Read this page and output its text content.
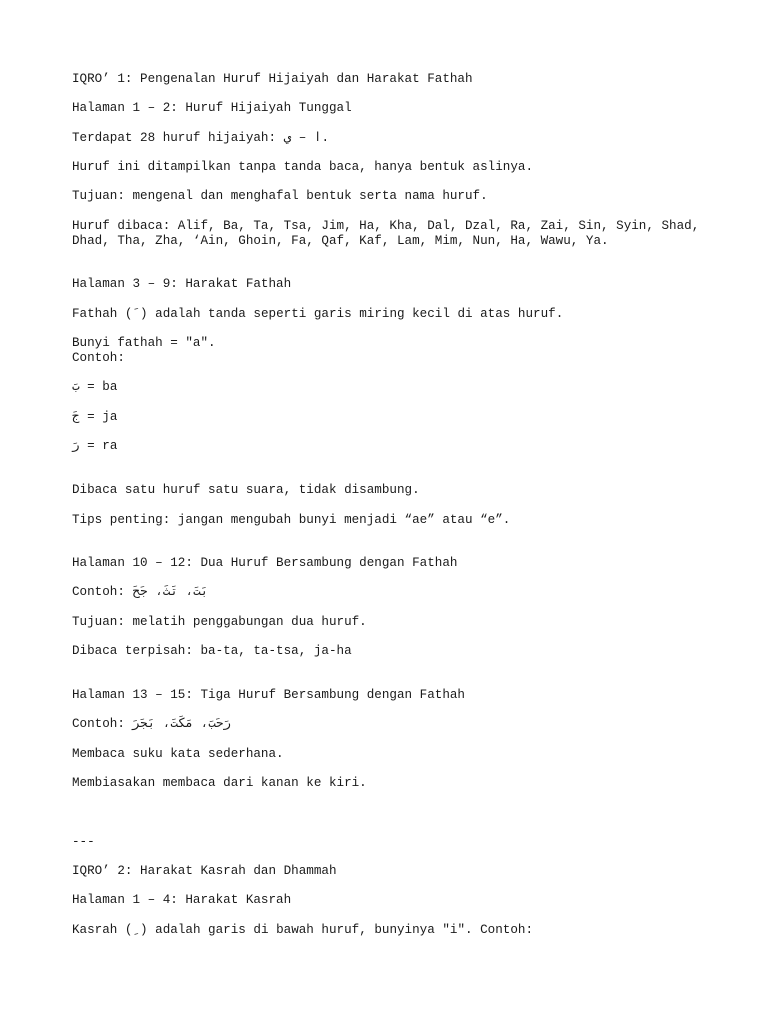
IQRO’ 1: Pengenalan Huruf Hijaiyah dan Harakat Fathah

Halaman 1 – 2: Huruf Hijaiyah Tunggal

Terdapat 28 huruf hijaiyah: ا – ي.

Huruf ini ditampilkan tanpa tanda baca, hanya bentuk aslinya.

Tujuan: mengenal dan menghafal bentuk serta nama huruf.

Huruf dibaca: Alif, Ba, Ta, Tsa, Jim, Ha, Kha, Dal, Dzal, Ra, Zai, Sin, Syin, Shad, Dhad, Tha, Zha, ‘Ain, Ghoin, Fa, Qaf, Kaf, Lam, Mim, Nun, Ha, Wawu, Ya.

Halaman 3 – 9: Harakat Fathah

Fathah ( َ) adalah tanda seperti garis miring kecil di atas huruf.

Bunyi fathah = "a".
Contoh:

بَ = ba

جَ = ja

رَ = ra

Dibaca satu huruf satu suara, tidak disambung.

Tips penting: jangan mengubah bunyi menjadi “ae” atau “e”.

Halaman 10 – 12: Dua Huruf Bersambung dengan Fathah

Contoh: بَتَ، تَثَ، جَحَ

Tujuan: melatih penggabungan dua huruf.

Dibaca terpisah: ba-ta, ta-tsa, ja-ha

Halaman 13 – 15: Tiga Huruf Bersambung dengan Fathah

Contoh: رَحَبَ، مَكَتَ، بَجَرَ

Membaca suku kata sederhana.

Membiasakan membaca dari kanan ke kiri.

---

IQRO’ 2: Harakat Kasrah dan Dhammah

Halaman 1 – 4: Harakat Kasrah

Kasrah ( ِ) adalah garis di bawah huruf, bunyinya "i". Contoh:
